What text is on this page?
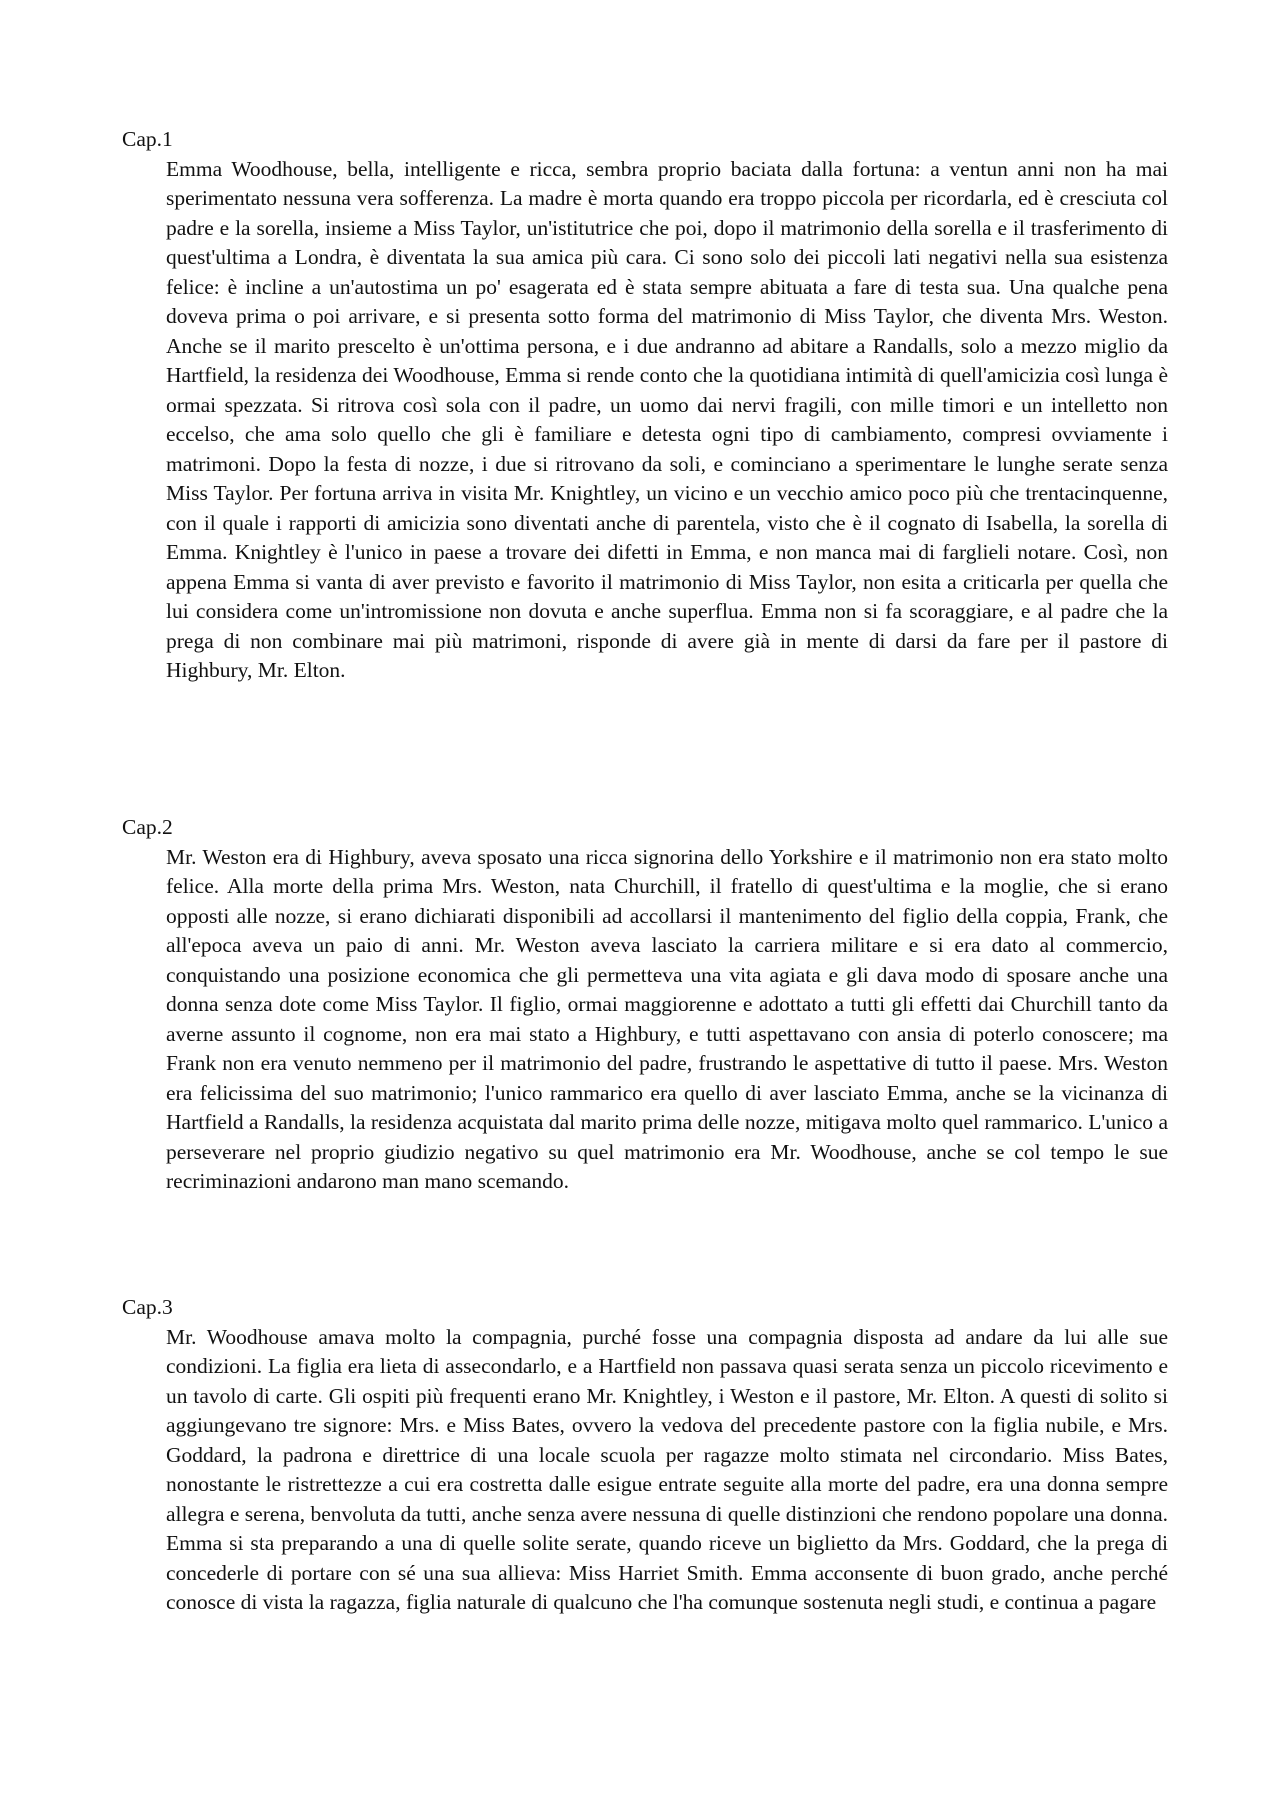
Cap.1

Emma Woodhouse, bella, intelligente e ricca, sembra proprio baciata dalla fortuna: a ventun anni non ha mai sperimentato nessuna vera sofferenza. La madre è morta quando era troppo piccola per ricordarla, ed è cresciuta col padre e la sorella, insieme a Miss Taylor, un'istitutrice che poi, dopo il matrimonio della sorella e il trasferimento di quest'ultima a Londra, è diventata la sua amica più cara. Ci sono solo dei piccoli lati negativi nella sua esistenza felice: è incline a un'autostima un po' esagerata ed è stata sempre abituata a fare di testa sua. Una qualche pena doveva prima o poi arrivare, e si presenta sotto forma del matrimonio di Miss Taylor, che diventa Mrs. Weston. Anche se il marito prescelto è un'ottima persona, e i due andranno ad abitare a Randalls, solo a mezzo miglio da Hartfield, la residenza dei Woodhouse, Emma si rende conto che la quotidiana intimità di quell'amicizia così lunga è ormai spezzata. Si ritrova così sola con il padre, un uomo dai nervi fragili, con mille timori e un intelletto non eccelso, che ama solo quello che gli è familiare e detesta ogni tipo di cambiamento, compresi ovviamente i matrimoni. Dopo la festa di nozze, i due si ritrovano da soli, e cominciano a sperimentare le lunghe serate senza Miss Taylor. Per fortuna arriva in visita Mr. Knightley, un vicino e un vecchio amico poco più che trentacinquenne, con il quale i rapporti di amicizia sono diventati anche di parentela, visto che è il cognato di Isabella, la sorella di Emma. Knightley è l'unico in paese a trovare dei difetti in Emma, e non manca mai di farglieli notare. Così, non appena Emma si vanta di aver previsto e favorito il matrimonio di Miss Taylor, non esita a criticarla per quella che lui considera come un'intromissione non dovuta e anche superflua. Emma non si fa scoraggiare, e al padre che la prega di non combinare mai più matrimoni, risponde di avere già in mente di darsi da fare per il pastore di Highbury, Mr. Elton.

Cap.2

Mr. Weston era di Highbury, aveva sposato una ricca signorina dello Yorkshire e il matrimonio non era stato molto felice. Alla morte della prima Mrs. Weston, nata Churchill, il fratello di quest'ultima e la moglie, che si erano opposti alle nozze, si erano dichiarati disponibili ad accollarsi il mantenimento del figlio della coppia, Frank, che all'epoca aveva un paio di anni. Mr. Weston aveva lasciato la carriera militare e si era dato al commercio, conquistando una posizione economica che gli permetteva una vita agiata e gli dava modo di sposare anche una donna senza dote come Miss Taylor. Il figlio, ormai maggiorenne e adottato a tutti gli effetti dai Churchill tanto da averne assunto il cognome, non era mai stato a Highbury, e tutti aspettavano con ansia di poterlo conoscere; ma Frank non era venuto nemmeno per il matrimonio del padre, frustrando le aspettative di tutto il paese. Mrs. Weston era felicissima del suo matrimonio; l'unico rammarico era quello di aver lasciato Emma, anche se la vicinanza di Hartfield a Randalls, la residenza acquistata dal marito prima delle nozze, mitigava molto quel rammarico. L'unico a perseverare nel proprio giudizio negativo su quel matrimonio era Mr. Woodhouse, anche se col tempo le sue recriminazioni andarono man mano scemando.

Cap.3

Mr. Woodhouse amava molto la compagnia, purché fosse una compagnia disposta ad andare da lui alle sue condizioni. La figlia era lieta di assecondarlo, e a Hartfield non passava quasi serata senza un piccolo ricevimento e un tavolo di carte. Gli ospiti più frequenti erano Mr. Knightley, i Weston e il pastore, Mr. Elton. A questi di solito si aggiungevano tre signore: Mrs. e Miss Bates, ovvero la vedova del precedente pastore con la figlia nubile, e Mrs. Goddard, la padrona e direttrice di una locale scuola per ragazze molto stimata nel circondario. Miss Bates, nonostante le ristrettezze a cui era costretta dalle esigue entrate seguite alla morte del padre, era una donna sempre allegra e serena, benvoluta da tutti, anche senza avere nessuna di quelle distinzioni che rendono popolare una donna. Emma si sta preparando a una di quelle solite serate, quando riceve un biglietto da Mrs. Goddard, che la prega di concederle di portare con sé una sua allieva: Miss Harriet Smith. Emma acconsente di buon grado, anche perché conosce di vista la ragazza, figlia naturale di qualcuno che l'ha comunque sostenuta negli studi, e continua a pagare
